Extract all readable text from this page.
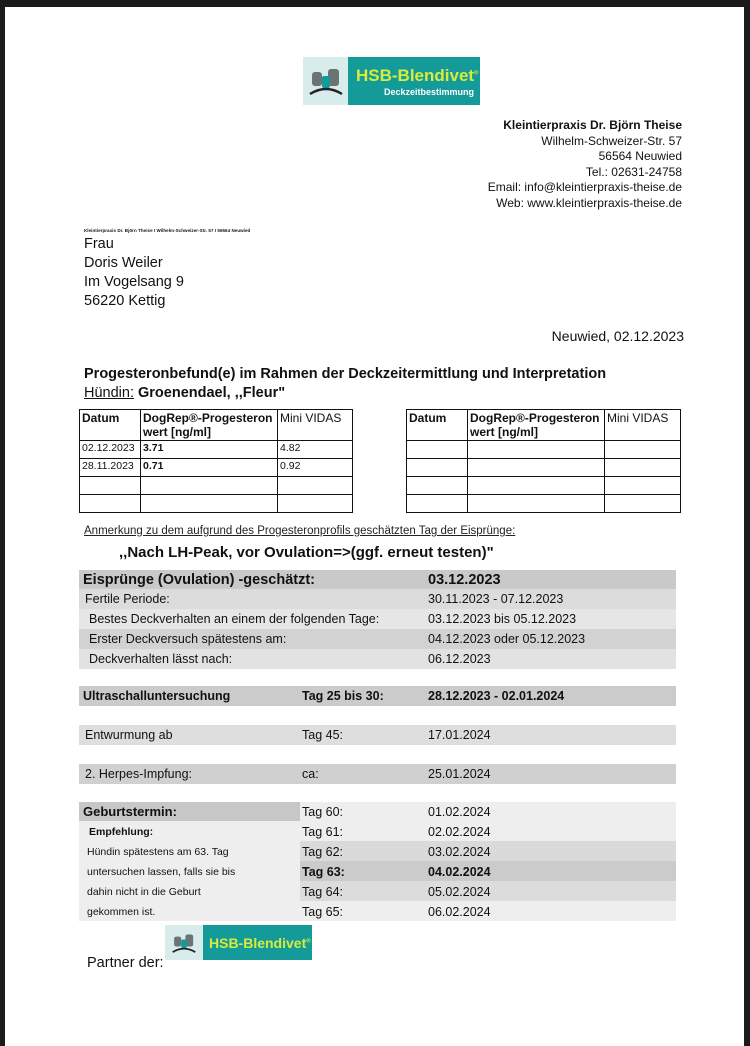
HSB-Blendivet®
Deckzeitbestimmung
Kleintierpraxis Dr. Björn Theise
Wilhelm-Schweizer-Str. 57
56564 Neuwied
Tel.: 02631-24758
Email: info@kleintierpraxis-theise.de
Web: www.kleintierpraxis-theise.de
Kleintierpraxis Dr. Björn Theise I Wilhelm-Schweizer-Str. 57 I 56564 Neuwied
Frau
Doris Weiler
Im Vogelsang 9
56220 Kettig
Neuwied, 02.12.2023
Progesteronbefund(e) im Rahmen der Deckzeitermittlung und Interpretation
Hündin: Groenendael, ,,Fleur"
Datum	DogRep®-Progesteron wert [ng/ml]	Mini VIDAS
02.12.2023	3.71	4.82
28.11.2023	0.71	0.92

Datum	DogRep®-Progesteron wert [ng/ml]	Mini VIDAS

Anmerkung zu dem aufgrund des Progesteronprofils geschätzten Tag der Eisprünge:
,,Nach LH-Peak, vor Ovulation=>(ggf. erneut testen)"
Eisprünge (Ovulation) -geschätzt:	03.12.2023
Fertile Periode:	30.11.2023 - 07.12.2023
Bestes Deckverhalten an einem der folgenden Tage:	03.12.2023 bis 05.12.2023
Erster Deckversuch spätestens am:	04.12.2023 oder 05.12.2023
Deckverhalten lässt nach:	06.12.2023
Ultraschalluntersuchung	Tag 25 bis 30:	28.12.2023 - 02.01.2024
Entwurmung ab	Tag 45:	17.01.2024
2. Herpes-Impfung:	ca:	25.01.2024
Geburtstermin:	Tag 60:	01.02.2024
Empfehlung:	Tag 61:	02.02.2024
Hündin spätestens am 63. Tag	Tag 62:	03.02.2024
untersuchen lassen, falls sie bis	Tag 63:	04.02.2024
dahin nicht in die Geburt	Tag 64:	05.02.2024
gekommen ist.	Tag 65:	06.02.2024
Partner der:
HSB-Blendivet®
